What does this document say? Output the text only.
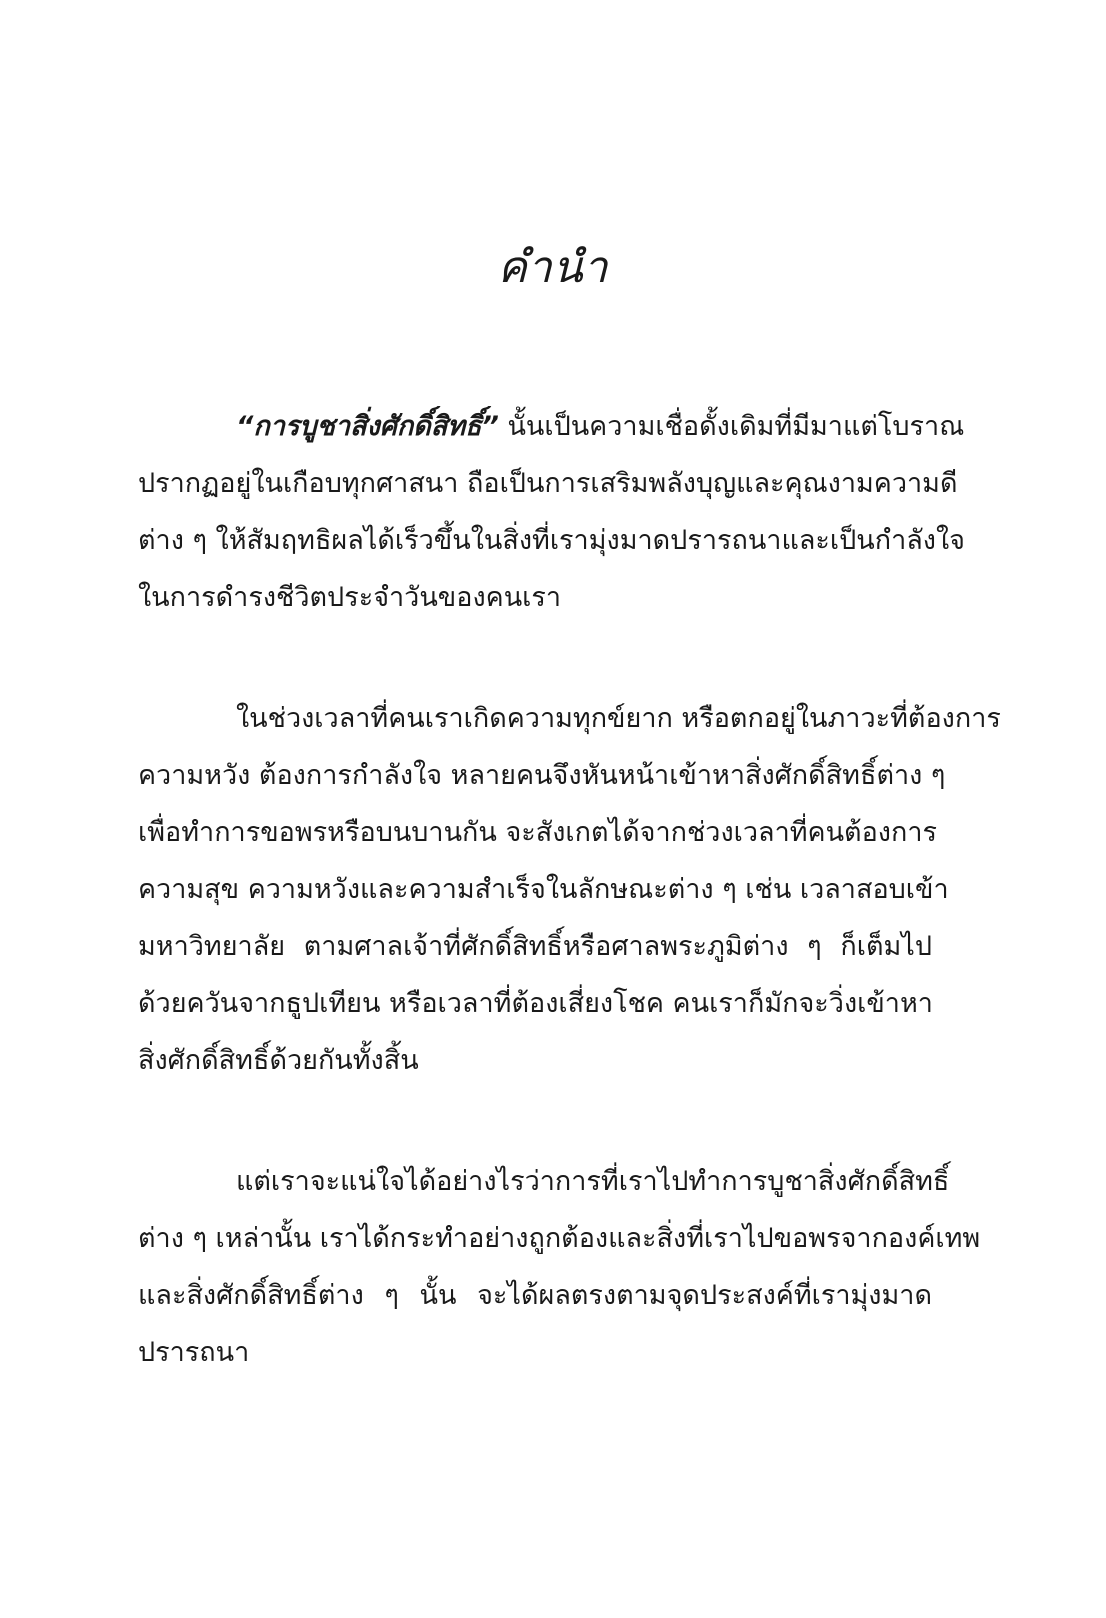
คำนำ
“การบูชาสิ่งศักดิ์สิทธิ์” นั้นเป็นความเชื่อดั้งเดิมที่มีมาแต่โบราณ
ปรากฏอยู่ในเกือบทุกศาสนา ถือเป็นการเสริมพลังบุญและคุณงามความดี
ต่าง ๆ ให้สัมฤทธิผลได้เร็วขึ้นในสิ่งที่เรามุ่งมาดปรารถนาและเป็นกำลังใจ
ในการดำรงชีวิตประจำวันของคนเรา
ในช่วงเวลาที่คนเราเกิดความทุกข์ยาก หรือตกอยู่ในภาวะที่ต้องการ
ความหวัง ต้องการกำลังใจ หลายคนจึงหันหน้าเข้าหาสิ่งศักดิ์สิทธิ์ต่าง ๆ
เพื่อทำการขอพรหรือบนบานกัน จะสังเกตได้จากช่วงเวลาที่คนต้องการ
ความสุข ความหวังและความสำเร็จในลักษณะต่าง ๆ เช่น เวลาสอบเข้า
มหาวิทยาลัย ตามศาลเจ้าที่ศักดิ์สิทธิ์หรือศาลพระภูมิต่าง ๆ ก็เต็มไป
ด้วยควันจากธูปเทียน หรือเวลาที่ต้องเสี่ยงโชค คนเราก็มักจะวิ่งเข้าหา
สิ่งศักดิ์สิทธิ์ด้วยกันทั้งสิ้น
แต่เราจะแน่ใจได้อย่างไรว่าการที่เราไปทำการบูชาสิ่งศักดิ์สิทธิ์
ต่าง ๆ เหล่านั้น เราได้กระทำอย่างถูกต้องและสิ่งที่เราไปขอพรจากองค์เทพ
และสิ่งศักดิ์สิทธิ์ต่าง ๆ นั้น จะได้ผลตรงตามจุดประสงค์ที่เรามุ่งมาด
ปรารถนา
